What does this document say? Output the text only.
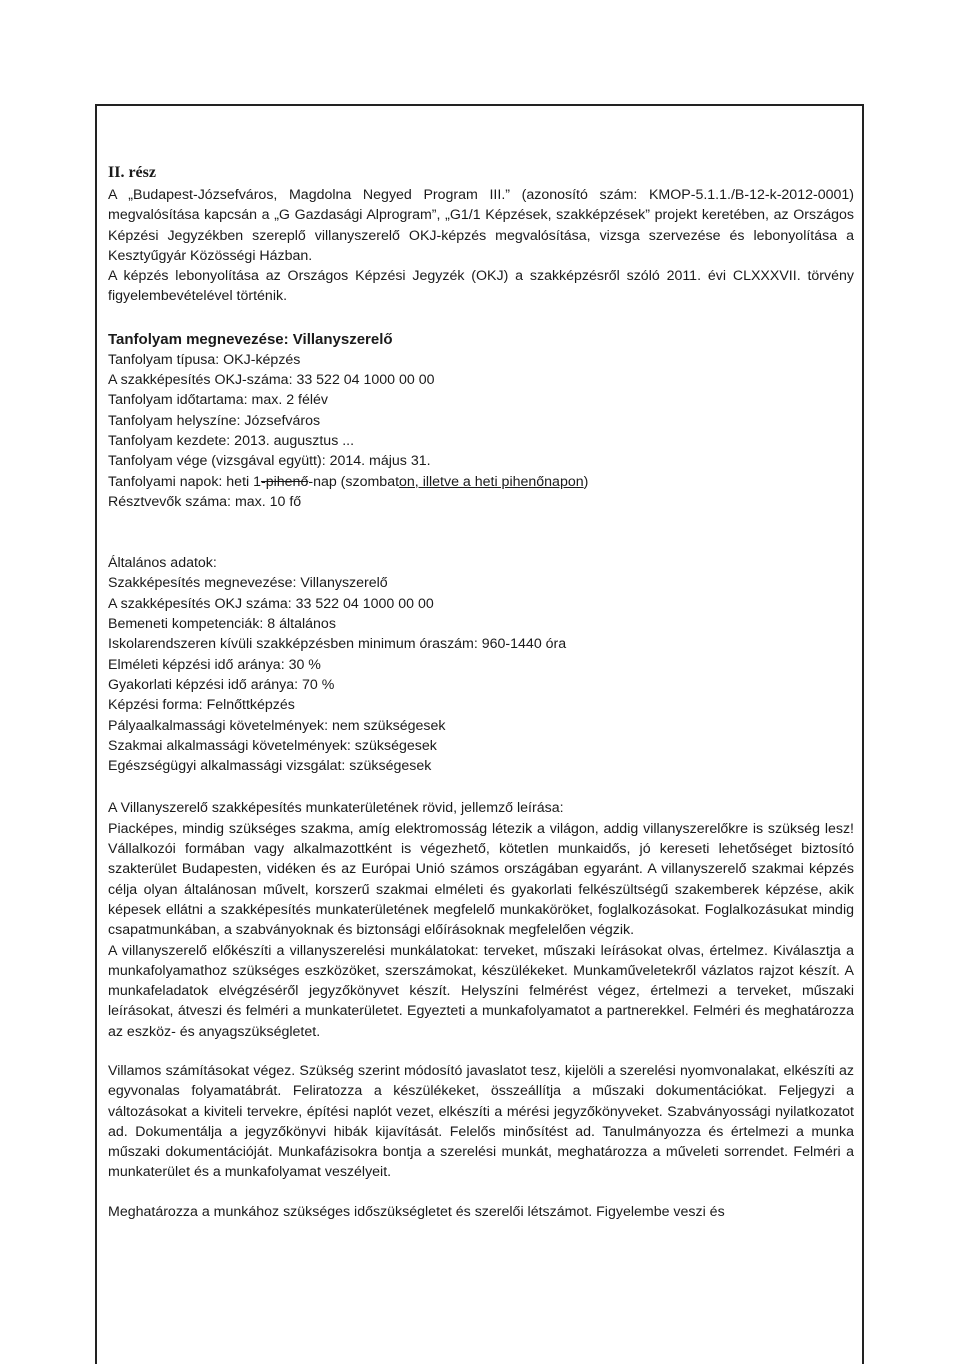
II. rész

A „Budapest-Józsefváros, Magdolna Negyed Program III.” (azonosító szám: KMOP-5.1.1./B-12-k-2012-0001) megvalósítása kapcsán a „G Gazdasági Alprogram”, „G1/1 Képzések, szakképzések” projekt keretében, az Országos Képzési Jegyzékben szereplő villanyszerelő OKJ-képzés megvalósítása, vizsga szervezése és lebonyolítása a Kesztyűgyár Közösségi Házban.

A képzés lebonyolítása az Országos Képzési Jegyzék (OKJ) a szakképzésről szóló 2011. évi CLXXXVII. törvény figyelembevételével történik.

Tanfolyam megnevezése: Villanyszerelő

Tanfolyam típusa: OKJ-képzés

A szakképesítés OKJ-száma: 33 522 04 1000 00 00

Tanfolyam időtartama: max. 2 félév

Tanfolyam helyszíne: Józsefváros

Tanfolyam kezdete: 2013. augusztus ...

Tanfolyam vége (vizsgával együtt): 2014. május 31.

Tanfolyami napok: heti 1-pihenő-nap (szombaton, illetve a heti pihenőnapon)

Résztvevők száma: max. 10 fő

Általános adatok:

Szakképesítés megnevezése: Villanyszerelő

A szakképesítés OKJ száma: 33 522 04 1000 00 00

Bemeneti kompetenciák: 8 általános

Iskolarendszeren kívüli szakképzésben minimum óraszám: 960-1440 óra

Elméleti képzési idő aránya: 30 %

Gyakorlati képzési idő aránya: 70 %

Képzési forma: Felnőttképzés

Pályaalkalmassági követelmények: nem szükségesek

Szakmai alkalmassági követelmények: szükségesek

Egészségügyi alkalmassági vizsgálat: szükségesek

A Villanyszerelő szakképesítés munkaterületének rövid, jellemző leírása:

Piacképes, mindig szükséges szakma, amíg elektromosság létezik a világon, addig villanyszerelőkre is szükség lesz! Vállalkozói formában vagy alkalmazottként is végezhető, kötetlen munkaidős, jó kereseti lehetőséget biztosító szakterület Budapesten, vidéken és az Európai Unió számos országában egyaránt. A villanyszerelő szakmai képzés célja olyan általánosan művelt, korszerű szakmai elméleti és gyakorlati felkészültségű szakemberek képzése, akik képesek ellátni a szakképesítés munkaterületének megfelelő munkaköröket, foglalkozásokat. Foglalkozásukat mindig csapatmunkában, a szabványoknak és biztonsági előírásoknak megfelelően végzik.

A villanyszerelő előkészíti a villanyszerelési munkálatokat: terveket, műszaki leírásokat olvas, értelmez. Kiválasztja a munkafolyamathoz szükséges eszközöket, szerszámokat, készülékeket. Munkaműveletekről vázlatos rajzot készít. A munkafeladatok elvégzéséről jegyzőkönyvet készít. Helyszíni felmérést végez, értelmezi a terveket, műszaki leírásokat, átveszi és felméri a munkaterületet. Egyezteti a munkafolyamatot a partnerekkel. Felméri és meghatározza az eszköz- és anyagszükségletet.

Villamos számításokat végez. Szükség szerint módosító javaslatot tesz, kijelöli a szerelési nyomvonalakat, elkészíti az egyvonalas folyamatábrát. Feliratozza a készülékeket, összeállítja a műszaki dokumentációkat. Feljegyzi a változásokat a kiviteli tervekre, építési naplót vezet, elkészíti a mérési jegyzőkönyveket. Szabványossági nyilatkozatot ad. Dokumentálja a jegyzőkönyvi hibák kijavítását. Felelős minősítést ad. Tanulmányozza és értelmezi a munka műszaki dokumentációját. Munkafázisokra bontja a szerelési munkát, meghatározza a műveleti sorrendet. Felméri a munkaterület és a munkafolyamat veszélyeit.

Meghatározza a munkához szükséges időszükségletet és szerelői létszámot. Figyelembe veszi és
